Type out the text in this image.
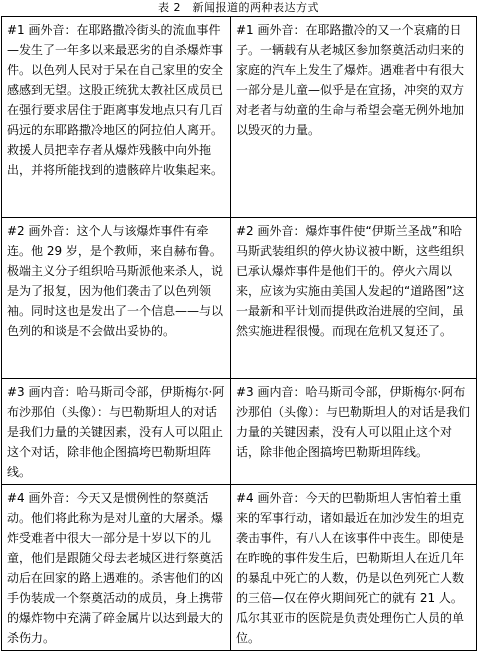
表 2　新闻报道的两种表达方式
#1 画外音：在耶路撒冷街头的流血事件—发生了一年多以来最恶劣的自杀爆炸事件。以色列人民对于呆在自己家里的安全感感到无望。这股正统犹太教社区成员已在强行要求居住于距离事发地点只有几百码远的东耶路撒冷地区的阿拉伯人离开。救援人员把幸存者从爆炸残骸中向外拖出，并将所能找到的遗骸碎片收集起来。	#1 画外音：在耶路撒冷的又一个哀痛的日子。一辆载有从老城区参加祭奠活动归来的家庭的汽车上发生了爆炸。遇难者中有很大一部分是儿童—似乎是在宣扬，冲突的双方对老者与幼童的生命与希望会毫无例外地加以毁灭的力量。
#2 画外音：这个人与该爆炸事件有牵连。他 29 岁，是个教师，来自赫布鲁。极端主义分子组织哈马斯派他来杀人，说是为了报复，因为他们袭击了以色列领袖。同时这也是发出了一个信息——与以色列的和谈是不会做出妥协的。	#2 画外音：爆炸事件使“伊斯兰圣战”和哈马斯武装组织的停火协议被中断，这些组织已承认爆炸事件是他们干的。停火六周以来，应该为实施由美国人发起的“道路图”这一最新和平计划而提供政治进展的空间，虽然实施进程很慢。而现在危机又复还了。
#3 画内音：哈马斯司令部，伊斯梅尔·阿布沙那伯（头像）：与巴勒斯坦人的对话是我们力量的关键因素，没有人可以阻止这个对话，除非他企图搞垮巴勒斯坦阵线。	#3 画内音：哈马斯司令部，伊斯梅尔·阿布沙那伯（头像）：与巴勒斯坦人的对话是我们力量的关键因素，没有人可以阻止这个对话，除非他企图搞垮巴勒斯坦阵线。
#4 画外音：今天又是惯例性的祭奠活动。他们将此称为是对儿童的大屠杀。爆炸受难者中很大一部分是十岁以下的儿童，他们是跟随父母去老城区进行祭奠活动后在回家的路上遇难的。杀害他们的凶手伪装成一个祭奠活动的成员，身上携带的爆炸物中充满了碎金属片以达到最大的杀伤力。	#4 画外音：今天的巴勒斯坦人害怕着土重来的军事行动，诸如最近在加沙发生的坦克袭击事件，有八人在该事件中丧生。即使是在昨晚的事件发生后，巴勒斯坦人在近几年的暴乱中死亡的人数，仍是以色列死亡人数的三倍—仅在停火期间死亡的就有 21 人。瓜尔其亚市的医院是负责处理伤亡人员的单位。
